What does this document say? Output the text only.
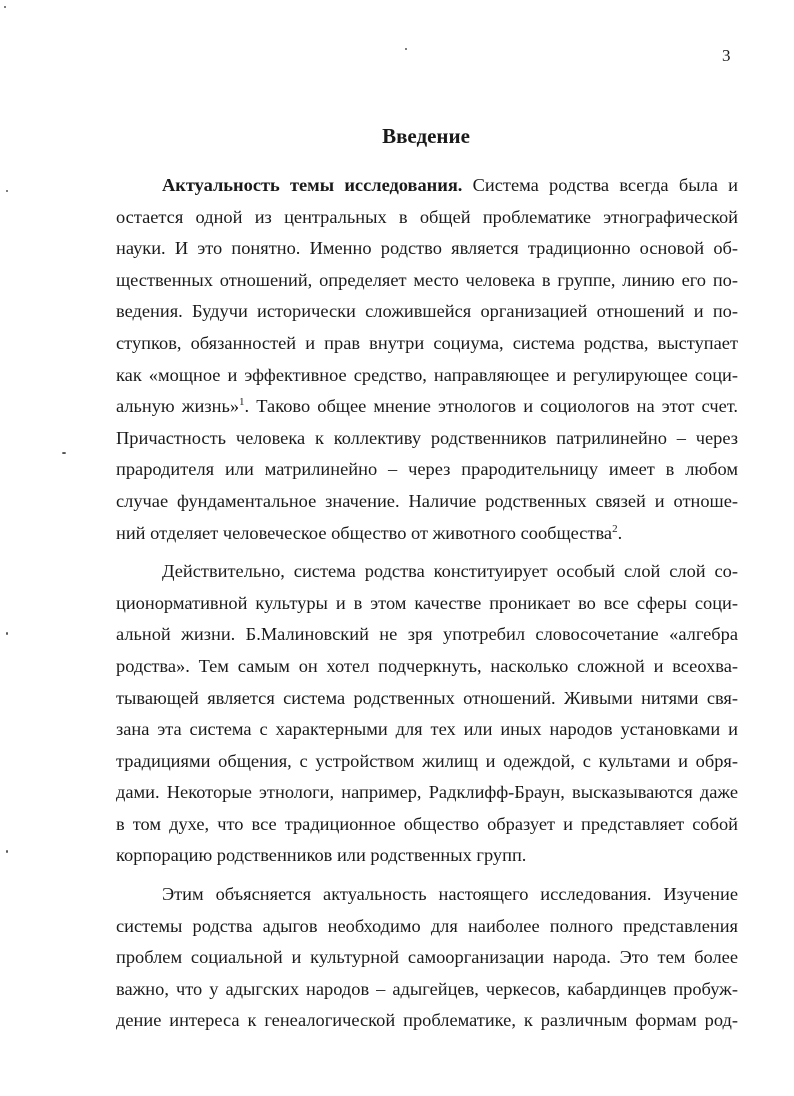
3
Введение
Актуальность темы исследования. Система родства всегда была и
остается одной из центральных в общей проблематике этнографической
науки. И это понятно. Именно родство является традиционно основой об-
щественных отношений, определяет место человека в группе, линию его по-
ведения. Будучи исторически сложившейся организацией отношений и по-
ступков, обязанностей и прав внутри социума, система родства, выступает
как «мощное и эффективное средство, направляющее и регулирующее соци-
альную жизнь»$^1$. Таково общее мнение этнологов и социологов на этот счет.
Причастность человека к коллективу родственников патрилинейно – через
прародителя или матрилинейно – через прародительницу имеет в любом
случае фундаментальное значение. Наличие родственных связей и отноше-
ний отделяет человеческое общество от животного сообщества$^2$.
Действительно, система родства конституирует особый слой слой со-
ционормативной культуры и в этом качестве проникает во все сферы соци-
альной жизни. Б.Малиновский не зря употребил словосочетание «алгебра
родства». Тем самым он хотел подчеркнуть, насколько сложной и всеохва-
тывающей является система родственных отношений. Живыми нитями свя-
зана эта система с характерными для тех или иных народов установками и
традициями общения, с устройством жилищ и одеждой, с культами и обря-
дами. Некоторые этнологи, например, Радклифф-Браун, высказываются даже
в том духе, что все традиционное общество образует и представляет собой
корпорацию родственников или родственных групп.
Этим объясняется актуальность настоящего исследования. Изучение
системы родства адыгов необходимо для наиболее полного представления
проблем социальной и культурной самоорганизации народа. Это тем более
важно, что у адыгских народов – адыгейцев, черкесов, кабардинцев пробуж-
дение интереса к генеалогической проблематике, к различным формам род-
